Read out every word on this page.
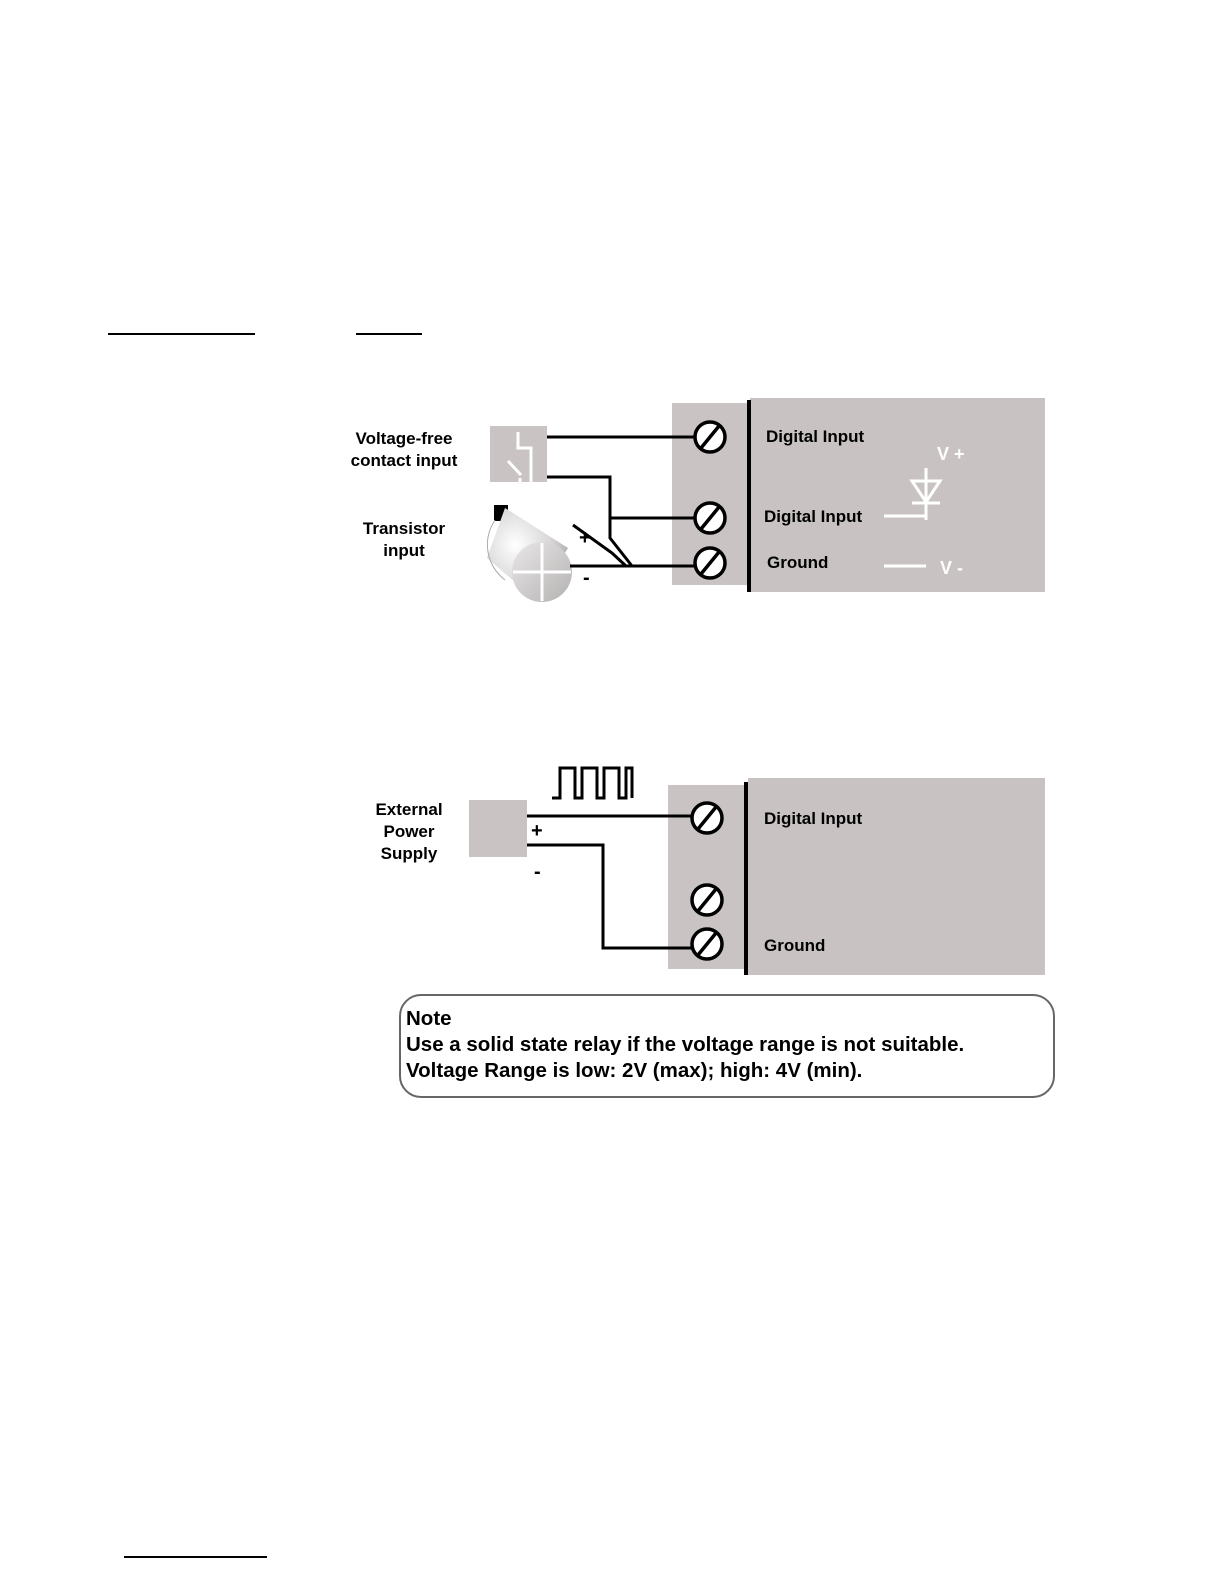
Digital Input
Digital Input
Ground
V +
V -
Voltage-free
contact input
Transistor
input
+
-
Digital Input
Ground
External
Power
Supply
+
-
Note
Use a solid state relay if the voltage range is not suitable.
Voltage Range is low: 2V (max); high: 4V (min).
